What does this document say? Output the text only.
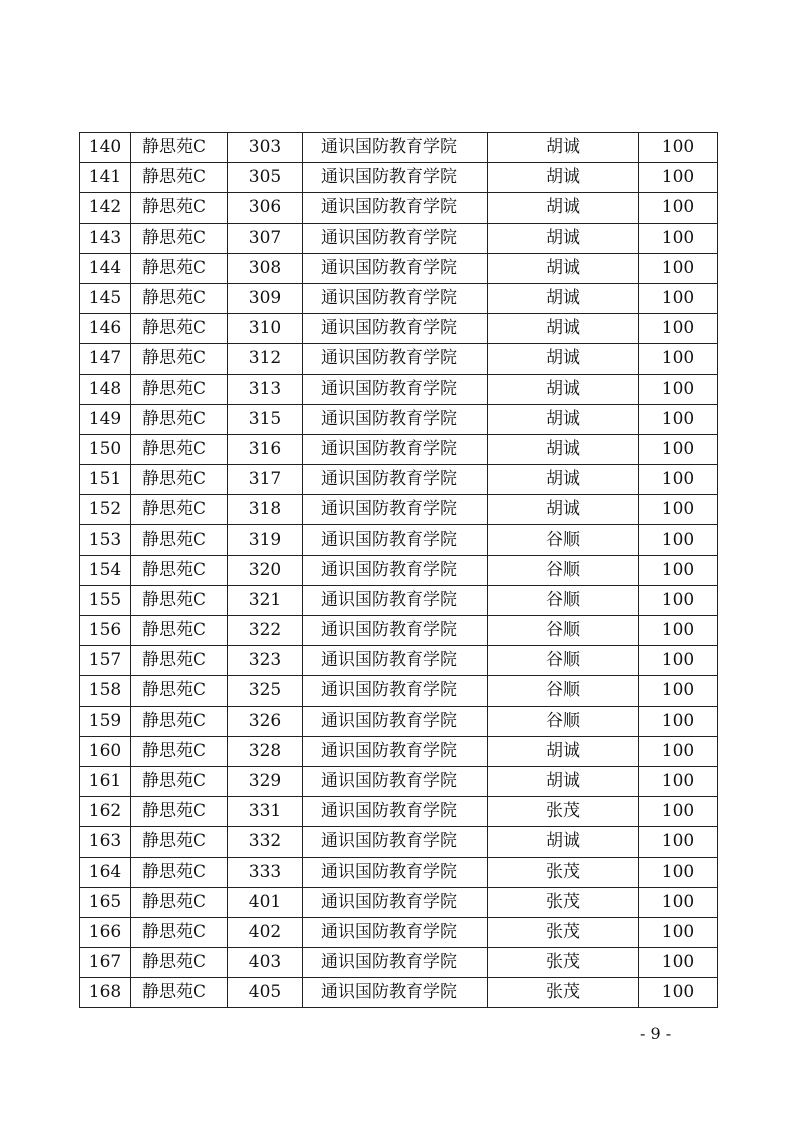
140	静思苑C	303	通识国防教育学院	胡诚	100
141	静思苑C	305	通识国防教育学院	胡诚	100
142	静思苑C	306	通识国防教育学院	胡诚	100
143	静思苑C	307	通识国防教育学院	胡诚	100
144	静思苑C	308	通识国防教育学院	胡诚	100
145	静思苑C	309	通识国防教育学院	胡诚	100
146	静思苑C	310	通识国防教育学院	胡诚	100
147	静思苑C	312	通识国防教育学院	胡诚	100
148	静思苑C	313	通识国防教育学院	胡诚	100
149	静思苑C	315	通识国防教育学院	胡诚	100
150	静思苑C	316	通识国防教育学院	胡诚	100
151	静思苑C	317	通识国防教育学院	胡诚	100
152	静思苑C	318	通识国防教育学院	胡诚	100
153	静思苑C	319	通识国防教育学院	谷顺	100
154	静思苑C	320	通识国防教育学院	谷顺	100
155	静思苑C	321	通识国防教育学院	谷顺	100
156	静思苑C	322	通识国防教育学院	谷顺	100
157	静思苑C	323	通识国防教育学院	谷顺	100
158	静思苑C	325	通识国防教育学院	谷顺	100
159	静思苑C	326	通识国防教育学院	谷顺	100
160	静思苑C	328	通识国防教育学院	胡诚	100
161	静思苑C	329	通识国防教育学院	胡诚	100
162	静思苑C	331	通识国防教育学院	张茂	100
163	静思苑C	332	通识国防教育学院	胡诚	100
164	静思苑C	333	通识国防教育学院	张茂	100
165	静思苑C	401	通识国防教育学院	张茂	100
166	静思苑C	402	通识国防教育学院	张茂	100
167	静思苑C	403	通识国防教育学院	张茂	100
168	静思苑C	405	通识国防教育学院	张茂	100
- 9 -
